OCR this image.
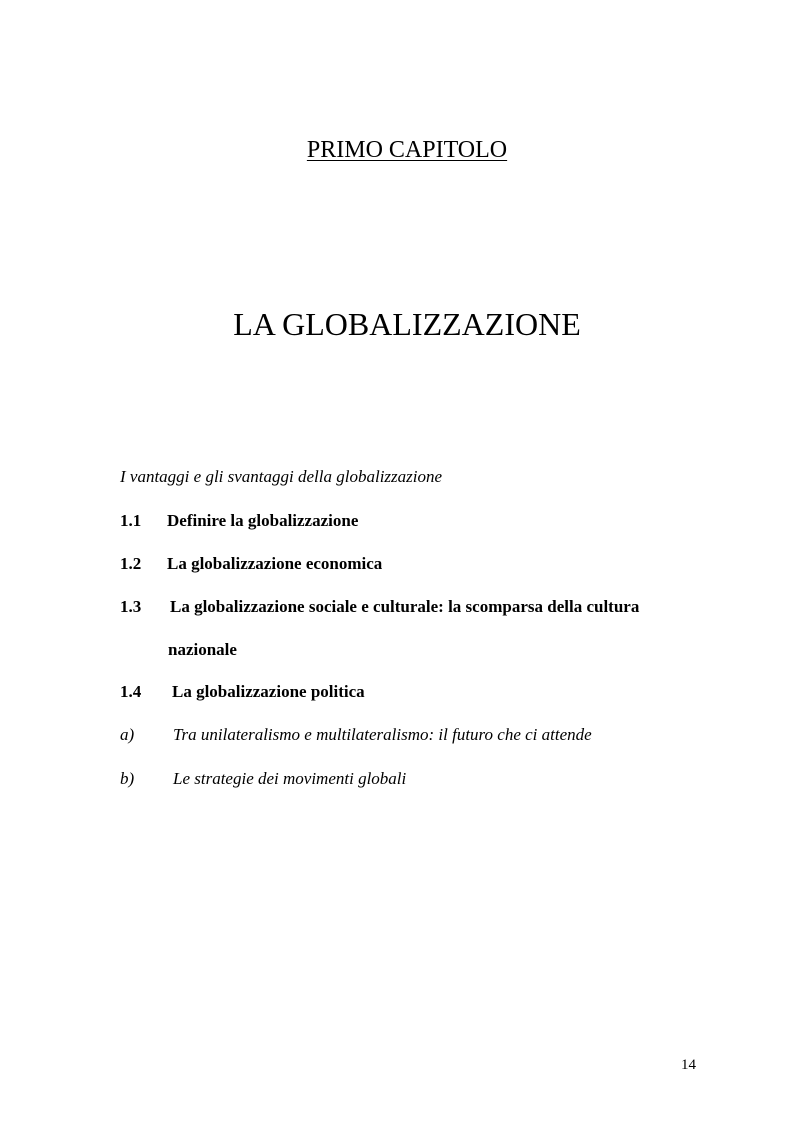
PRIMO CAPITOLO
LA GLOBALIZZAZIONE
I vantaggi e gli svantaggi della globalizzazione
1.1 Definire la globalizzazione
1.2 La globalizzazione economica
1.3 La globalizzazione sociale e culturale: la scomparsa della cultura
nazionale
1.4 La globalizzazione politica
a) Tra unilateralismo e multilateralismo: il futuro che ci attende
b) Le strategie dei movimenti globali
14
